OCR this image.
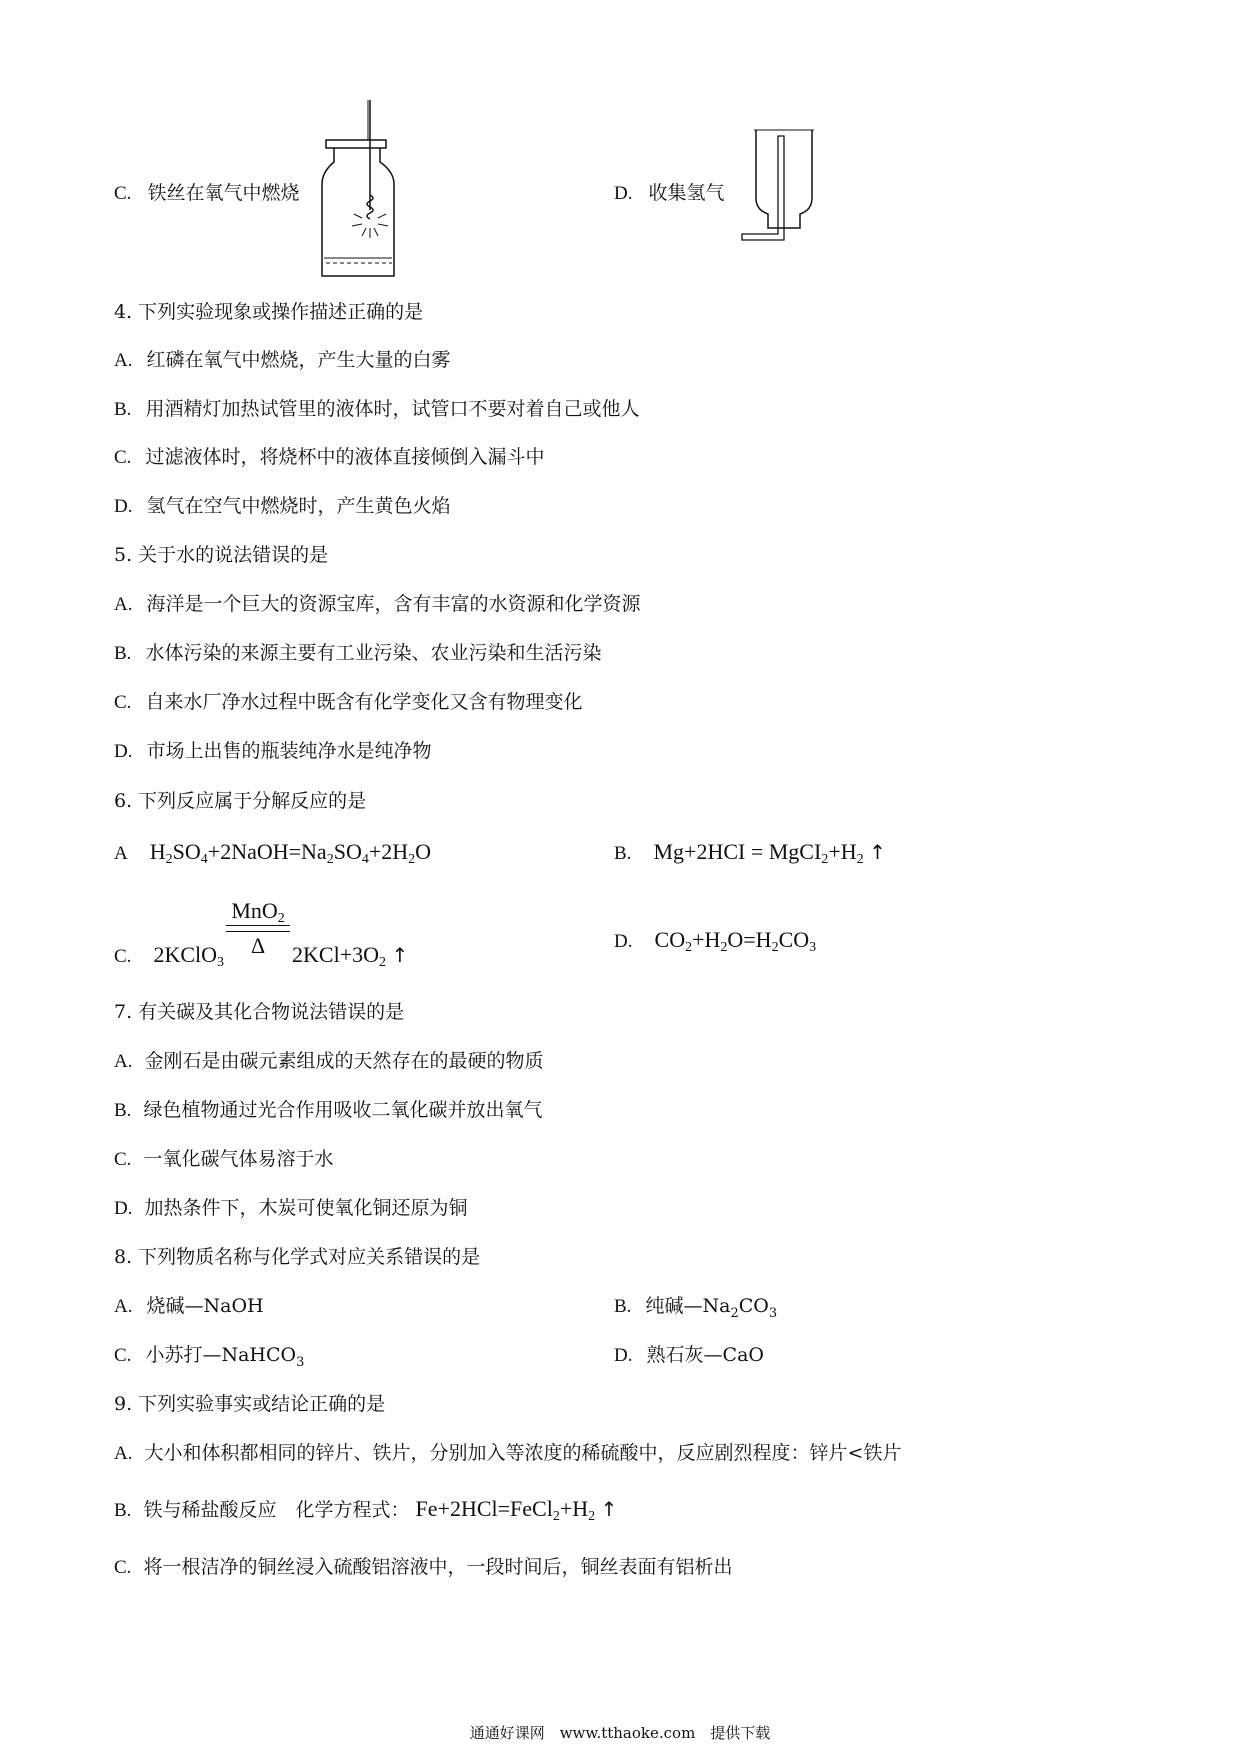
C. 铁丝在氧气中燃烧	D. 收集氢气
4. 下列实验现象或操作描述正确的是
A. 红磷在氧气中燃烧，产生大量的白雾
B. 用酒精灯加热试管里的液体时，试管口不要对着自己或他人
C. 过滤液体时，将烧杯中的液体直接倾倒入漏斗中
D. 氢气在空气中燃烧时，产生黄色火焰
5. 关于水的说法错误的是
A. 海洋是一个巨大的资源宝库，含有丰富的水资源和化学资源
B. 水体污染的来源主要有工业污染、农业污染和生活污染
C. 自来水厂净水过程中既含有化学变化又含有物理变化
D. 市场上出售的瓶装纯净水是纯净物
6. 下列反应属于分解反应的是
A $H_2SO_4+2NaOH=Na_2SO_4+2H_2O$	B. $Mg+2HCI = MgCI_2+H_2$ ↑
C. 2KClO$_3$
MnO$_2$
Δ	$2KCl+3O_2$ ↑
D. $CO_2+H_2O=H_2CO_3$
7. 有关碳及其化合物说法错误的是
A. 金刚石是由碳元素组成的天然存在的最硬的物质
B. 绿色植物通过光合作用吸收二氧化碳并放出氧气
C. 一氧化碳气体易溶于水
D. 加热条件下，木炭可使氧化铜还原为铜
8. 下列物质名称与化学式对应关系错误的是
A. 烧碱—NaOH	B. 纯碱$—Na_2CO_3$
C. 小苏打—NaHCO$_3$	D. 熟石灰—CaO
9. 下列实验事实或结论正确的是
A. 大小和体积都相同的锌片、铁片，分别加入等浓度的稀硫酸中，反应剧烈程度：锌片<铁片
B. 铁与稀盐酸反应　化学方程式： $Fe+2HCl=FeCl_2+H_2$ ↑
C. 将一根洁净的铜丝浸入硫酸铝溶液中，一段时间后，铜丝表面有铝析出
通通好课网　www.tthaoke.com　提供下载
